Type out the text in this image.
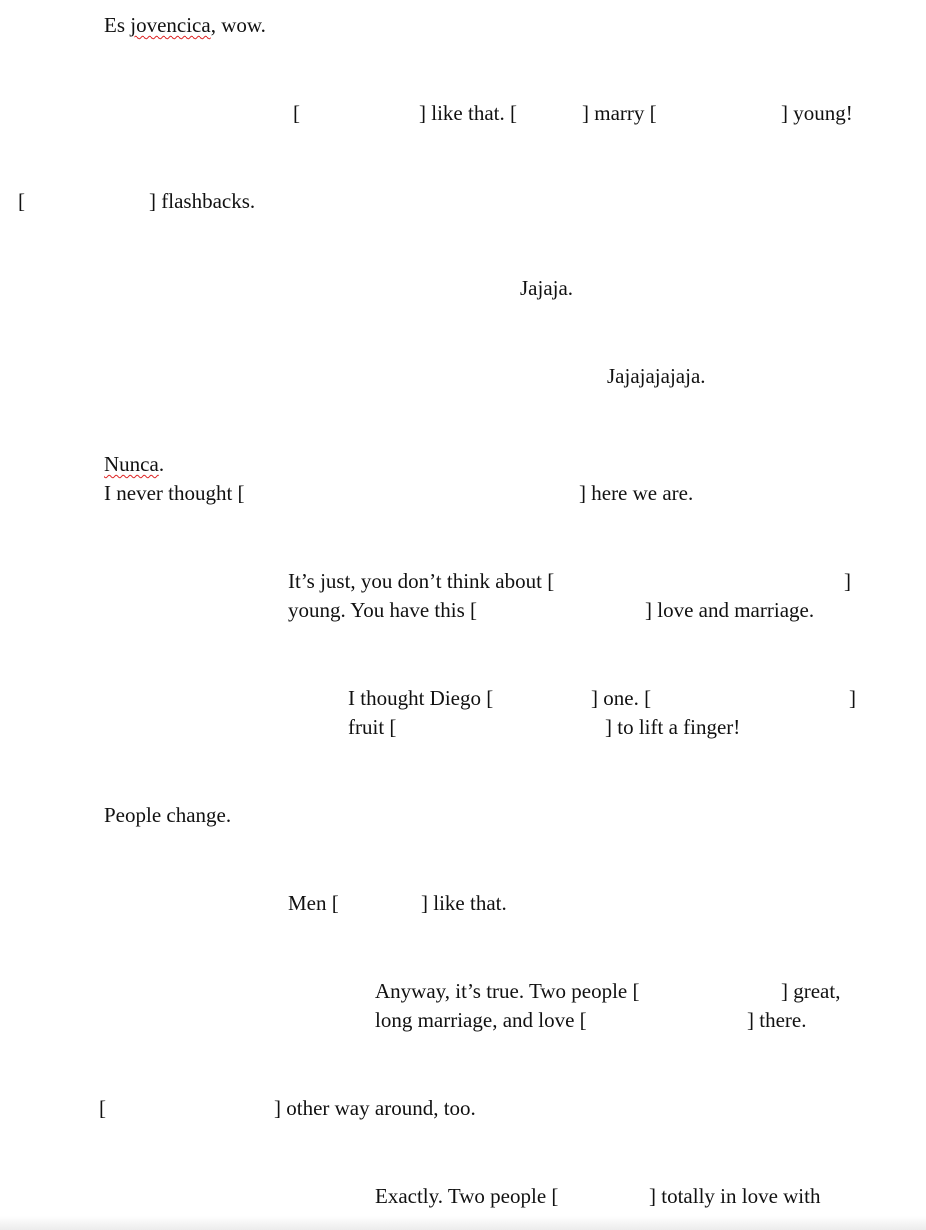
Es jovencica, wow.
[	] like that. [	] marry [	] young!
[	] flashbacks.
Jajaja.
Jajajajajaja.
Nunca.
I never thought [	] here we are.
It’s just, you don’t think about [	]
young. You have this [	] love and marriage.
I thought Diego [	] one. [	]
fruit [	] to lift a finger!
People change.
Men [	] like that.
Anyway, it’s true. Two people [	] great,
long marriage, and love [	] there.
[	] other way around, too.
Exactly. Two people [	] totally in love with
